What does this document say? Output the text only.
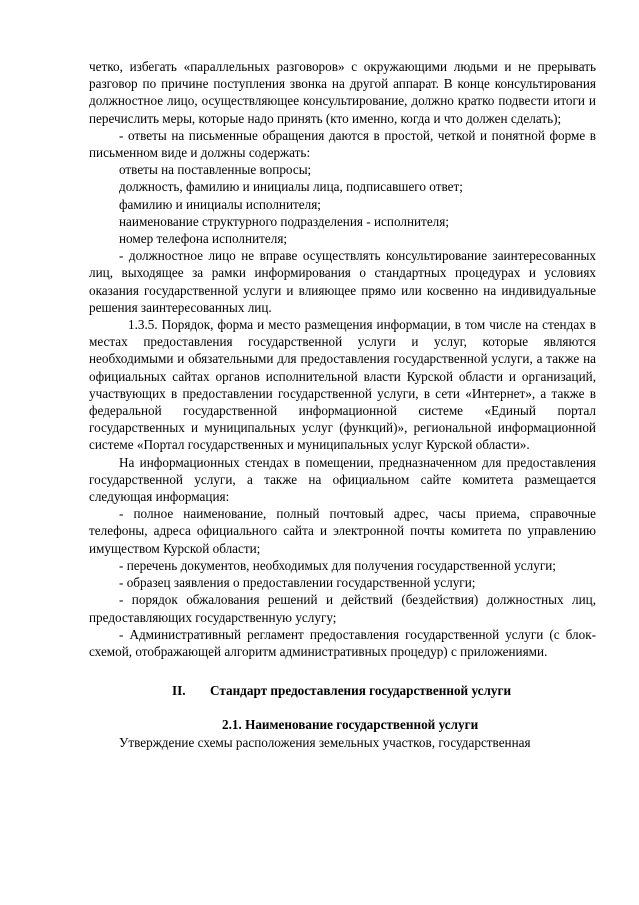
четко, избегать «параллельных разговоров» с окружающими людьми и не прерывать разговор по причине поступления звонка на другой аппарат. В конце консультирования должностное лицо, осуществляющее консультирование, должно кратко подвести итоги и перечислить меры, которые надо принять (кто именно, когда и что должен сделать);

- ответы на письменные обращения даются в простой, четкой и понятной форме в письменном виде и должны содержать:

ответы на поставленные вопросы;

должность, фамилию и инициалы лица, подписавшего ответ;

фамилию и инициалы исполнителя;

наименование структурного подразделения - исполнителя;

номер телефона исполнителя;

- должностное лицо не вправе осуществлять консультирование заинтересованных лиц, выходящее за рамки информирования о стандартных процедурах и условиях оказания государственной услуги и влияющее прямо или косвенно на индивидуальные решения заинтересованных лиц.

1.3.5. Порядок, форма и место размещения информации, в том числе на стендах в местах предоставления государственной услуги и услуг, которые являются необходимыми и обязательными для предоставления государственной услуги, а также на официальных сайтах органов исполнительной власти Курской области и организаций, участвующих в предоставлении государственной услуги, в сети «Интернет», а также в федеральной государственной информационной системе «Единый портал государственных и муниципальных услуг (функций)», региональной информационной системе «Портал государственных и муниципальных услуг Курской области».

На информационных стендах в помещении, предназначенном для предоставления государственной услуги, а также на официальном сайте комитета размещается следующая информация:

- полное наименование, полный почтовый адрес, часы приема, справочные телефоны, адреса официального сайта и электронной почты комитета по управлению имуществом Курской области;

- перечень документов, необходимых для получения государственной услуги;

- образец заявления о предоставлении государственной услуги;

- порядок обжалования решений и действий (бездействия) должностных лиц, предоставляющих государственную услугу;

- Административный регламент предоставления государственной услуги (с блок-схемой, отображающей алгоритм административных процедур) с приложениями.

II. Стандарт предоставления государственной услуги

2.1. Наименование государственной услуги

Утверждение схемы расположения земельных участков, государственная
